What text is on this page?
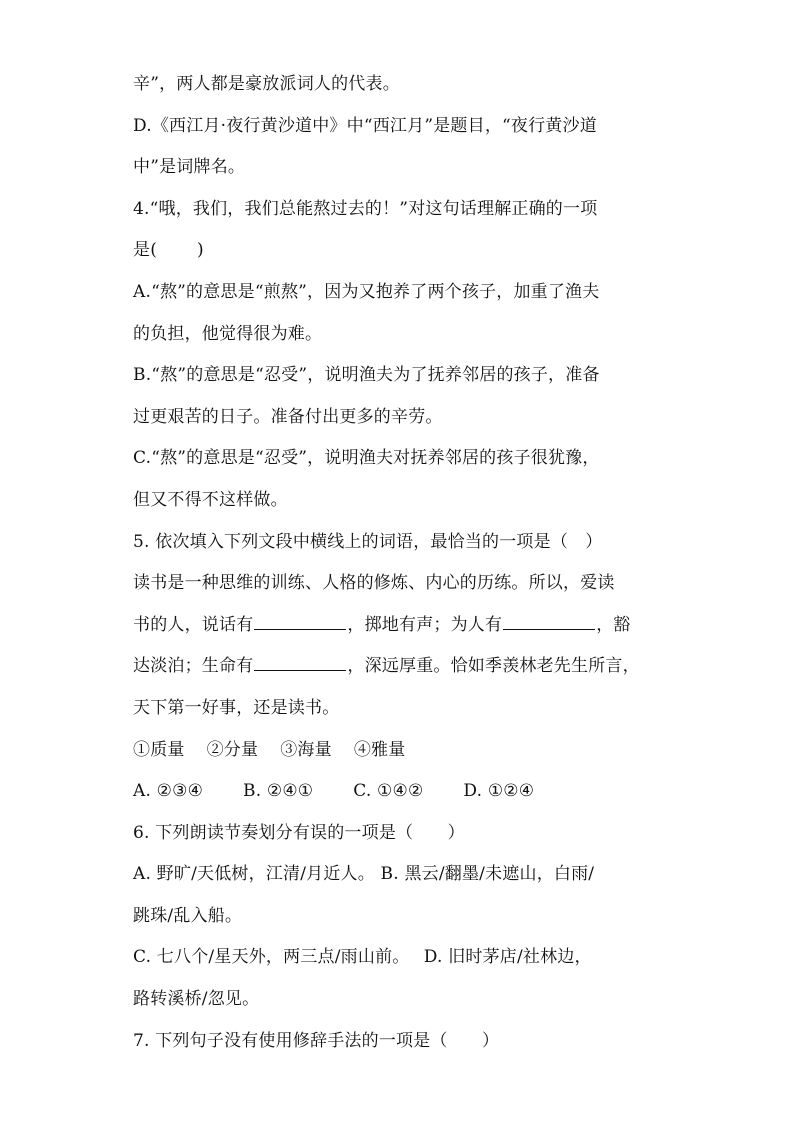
辛”，两人都是豪放派词人的代表。
D.《西江月·夜行黄沙道中》中“西江月”是题目，“夜行黄沙道
中”是词牌名。
4.“哦，我们，我们总能熬过去的！”对这句话理解正确的一项
是(　　 )
A.“熬”的意思是“煎熬”，因为又抱养了两个孩子，加重了渔夫
的负担，他觉得很为难。
B.“熬”的意思是“忍受”，说明渔夫为了抚养邻居的孩子，准备
过更艰苦的日子。准备付出更多的辛劳。
C.“熬”的意思是“忍受”，说明渔夫对抚养邻居的孩子很犹豫，
但又不得不这样做。
5. 依次填入下列文段中横线上的词语，最恰当的一项是（　）
读书是一种思维的训练、人格的修炼、内心的历练。所以，爱读
书的人，说话有	，掷地有声；为人有	，豁
达淡泊；生命有	，深远厚重。恰如季羡林老先生所言，
天下第一好事，还是读书。
①质量 ②分量 ③海量 ④雅量
A. ②③④ B. ②④① C. ①④② D. ①②④
6. 下列朗读节奏划分有误的一项是（　　）
A. 野旷/天低树，江清/月近人。 B. 黑云/翻墨/未遮山，白雨/
跳珠/乱入船。
C. 七八个/星天外，两三点/雨山前。　 D. 旧时茅店/社林边，
路转溪桥/忽见。
7. 下列句子没有使用修辞手法的一项是（　　）
